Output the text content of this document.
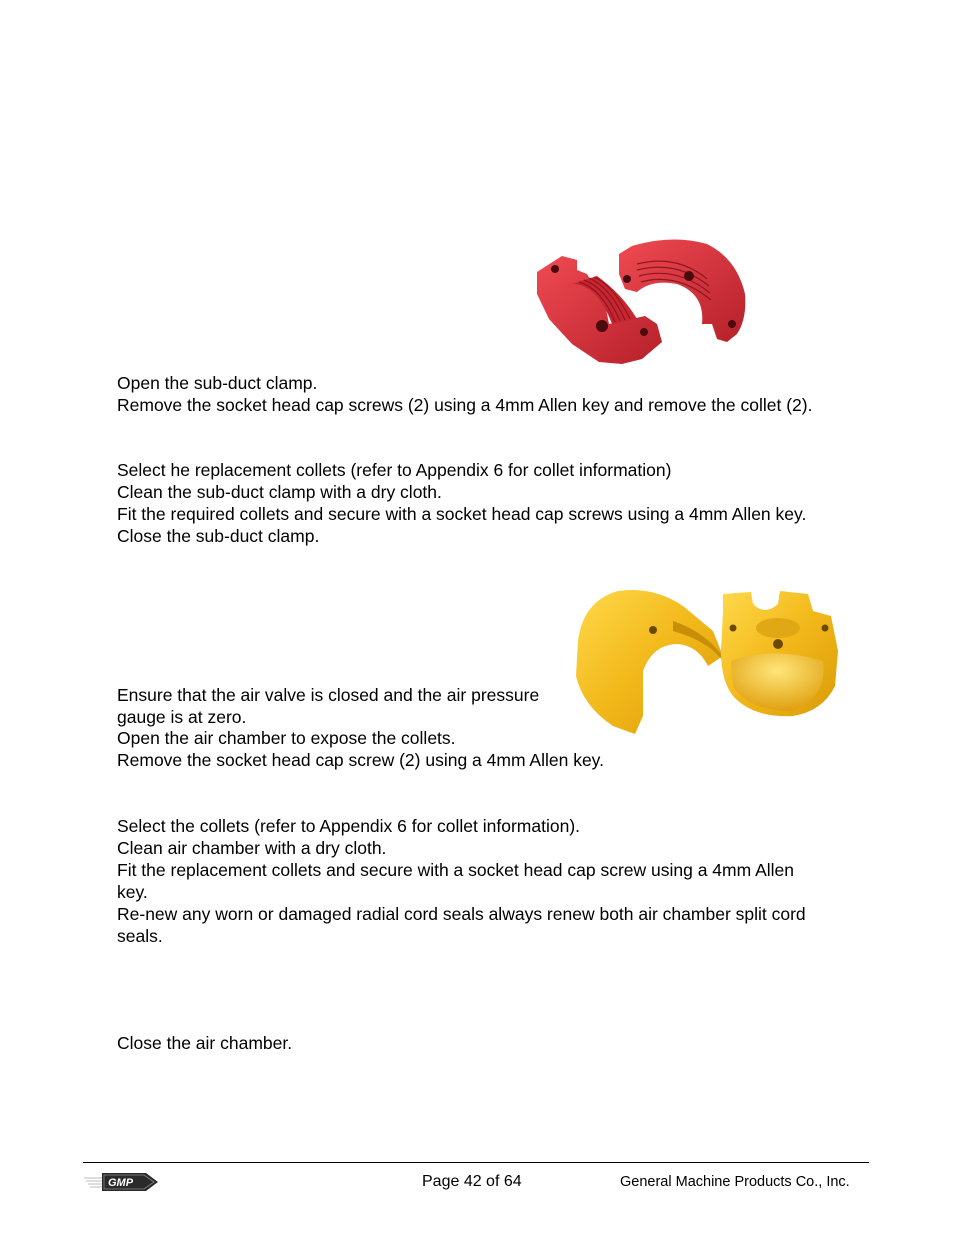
Open the sub-duct clamp.
Remove the socket head cap screws (2) using a 4mm Allen key and remove the collet (2).
Select he replacement collets (refer to Appendix 6 for collet information)
Clean the sub-duct clamp with a dry cloth.
Fit the required collets and secure with a socket head cap screws using a 4mm Allen key.
Close the sub-duct clamp.
Ensure that the air valve is closed and the air pressure
gauge is at zero.
Open the air chamber to expose the collets.
Remove the socket head cap screw (2) using a 4mm Allen key.
Select the collets (refer to Appendix 6 for collet information).
Clean air chamber with a dry cloth.
Fit the replacement collets and secure with a socket head cap screw using a 4mm Allen
key.
Re-new any worn or damaged radial cord seals always renew both air chamber split cord
seals.
Close the air chamber.
GMP	Page 42 of 64	General Machine Products Co., Inc.
